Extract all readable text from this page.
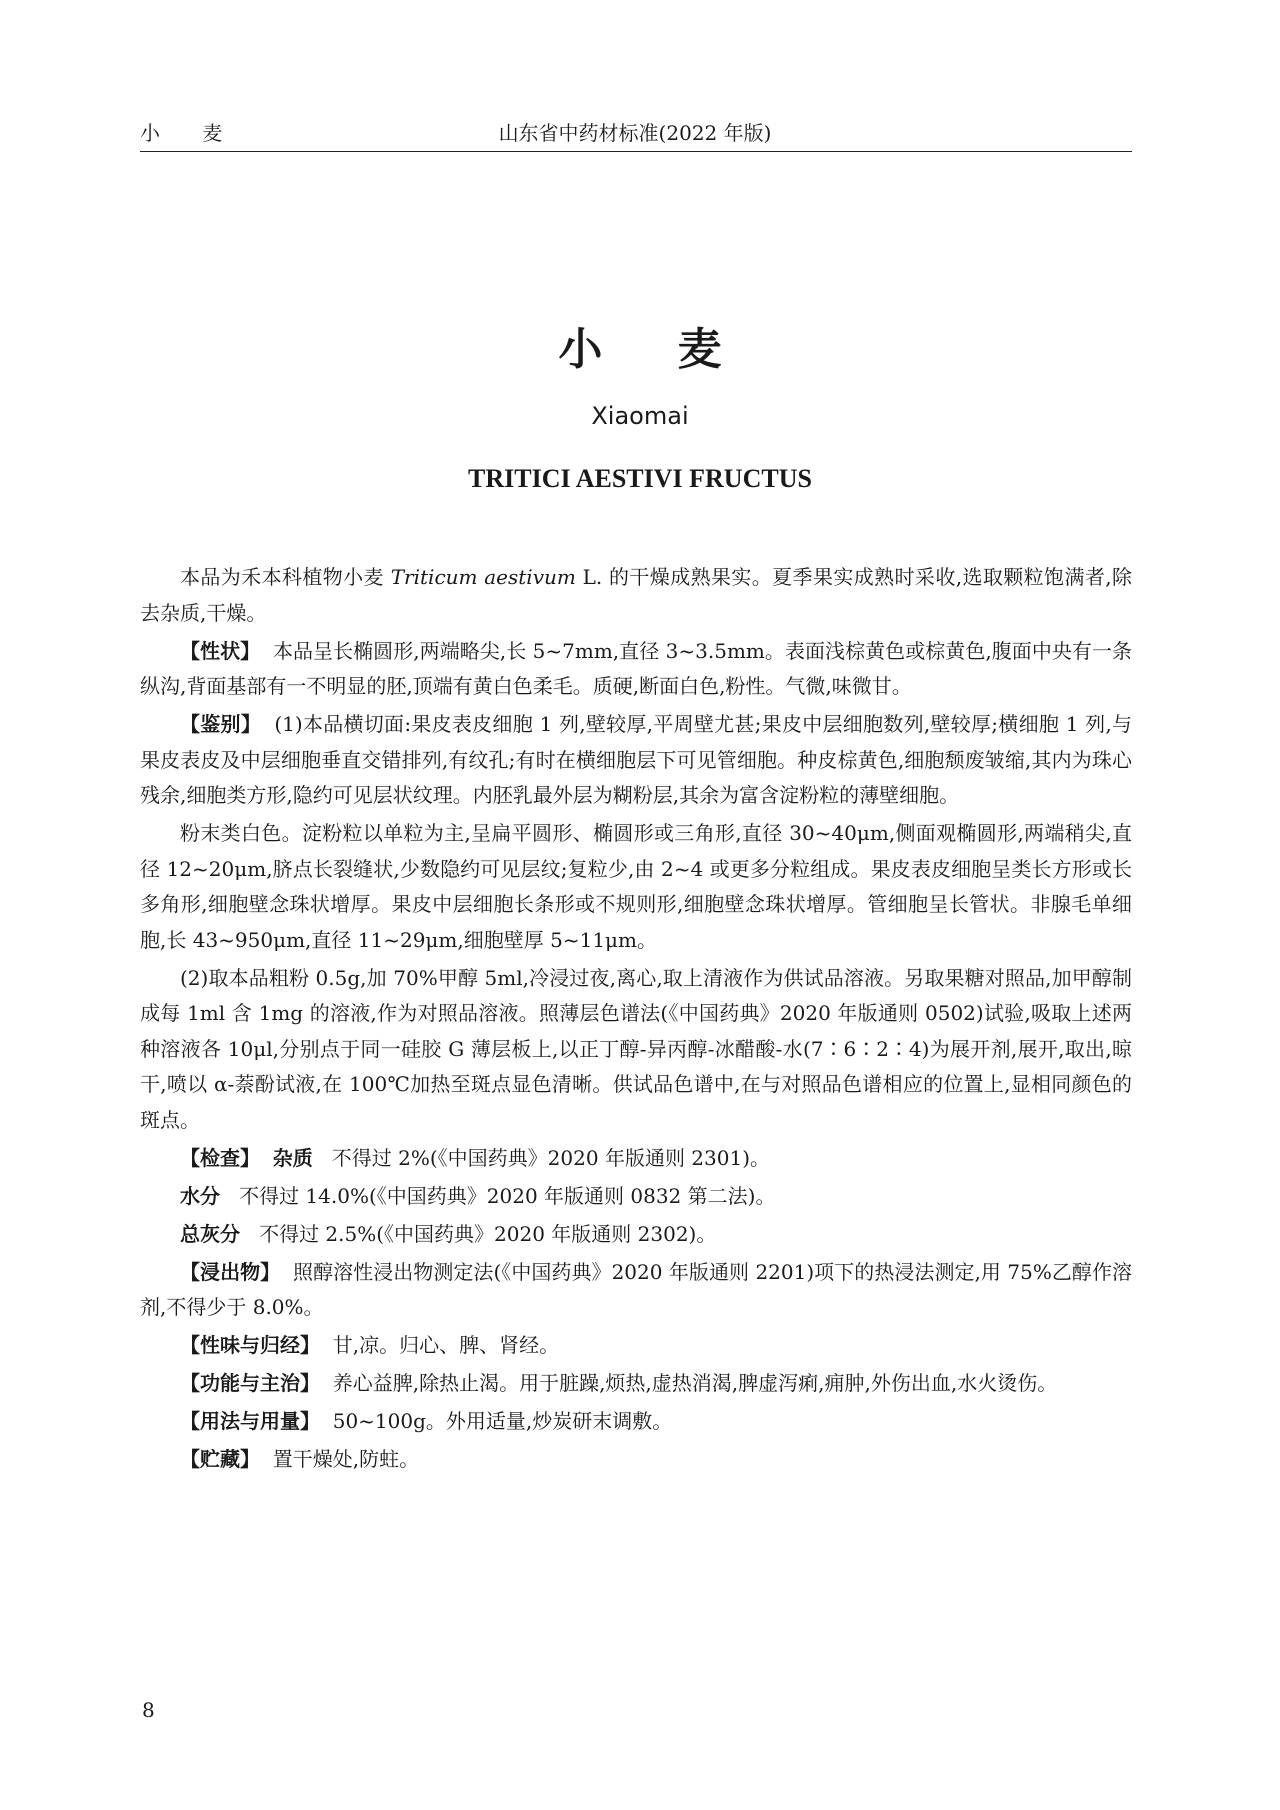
小 麦	山东省中药材标准(2022 年版)
小 麦
Xiaomai
TRITICI AESTIVI FRUCTUS

本品为禾本科植物小麦 Triticum aestivum L. 的干燥成熟果实。夏季果实成熟时采收,选取颗粒饱满者,除去杂质,干燥。

【性状】 本品呈长椭圆形,两端略尖,长 5~7mm,直径 3~3.5mm。表面浅棕黄色或棕黄色,腹面中央有一条纵沟,背面基部有一不明显的胚,顶端有黄白色柔毛。质硬,断面白色,粉性。气微,味微甘。

【鉴别】 (1)本品横切面:果皮表皮细胞 1 列,壁较厚,平周壁尤甚;果皮中层细胞数列,壁较厚;横细胞 1 列,与果皮表皮及中层细胞垂直交错排列,有纹孔;有时在横细胞层下可见管细胞。种皮棕黄色,细胞颓废皱缩,其内为珠心残余,细胞类方形,隐约可见层状纹理。内胚乳最外层为糊粉层,其余为富含淀粉粒的薄壁细胞。

粉末类白色。淀粉粒以单粒为主,呈扁平圆形、椭圆形或三角形,直径 30~40μm,侧面观椭圆形,两端稍尖,直径 12~20μm,脐点长裂缝状,少数隐约可见层纹;复粒少,由 2~4 或更多分粒组成。果皮表皮细胞呈类长方形或长多角形,细胞壁念珠状增厚。果皮中层细胞长条形或不规则形,细胞壁念珠状增厚。管细胞呈长管状。非腺毛单细胞,长 43~950μm,直径 11~29μm,细胞壁厚 5~11μm。

(2)取本品粗粉 0.5g,加 70%甲醇 5ml,冷浸过夜,离心,取上清液作为供试品溶液。另取果糖对照品,加甲醇制成每 1ml 含 1mg 的溶液,作为对照品溶液。照薄层色谱法(《中国药典》2020 年版通则 0502)试验,吸取上述两种溶液各 10μl,分别点于同一硅胶 G 薄层板上,以正丁醇-异丙醇-冰醋酸-水(7∶6∶2∶4)为展开剂,展开,取出,晾干,喷以 α-萘酚试液,在 100℃加热至斑点显色清晰。供试品色谱中,在与对照品色谱相应的位置上,显相同颜色的斑点。

【检查】 杂质 不得过 2%(《中国药典》2020 年版通则 2301)。

水分 不得过 14.0%(《中国药典》2020 年版通则 0832 第二法)。

总灰分 不得过 2.5%(《中国药典》2020 年版通则 2302)。

【浸出物】 照醇溶性浸出物测定法(《中国药典》2020 年版通则 2201)项下的热浸法测定,用 75%乙醇作溶剂,不得少于 8.0%。

【性味与归经】 甘,凉。归心、脾、肾经。

【功能与主治】 养心益脾,除热止渴。用于脏躁,烦热,虚热消渴,脾虚泻痢,痈肿,外伤出血,水火烫伤。

【用法与用量】 50~100g。外用适量,炒炭研末调敷。

【贮藏】 置干燥处,防蛀。

8
